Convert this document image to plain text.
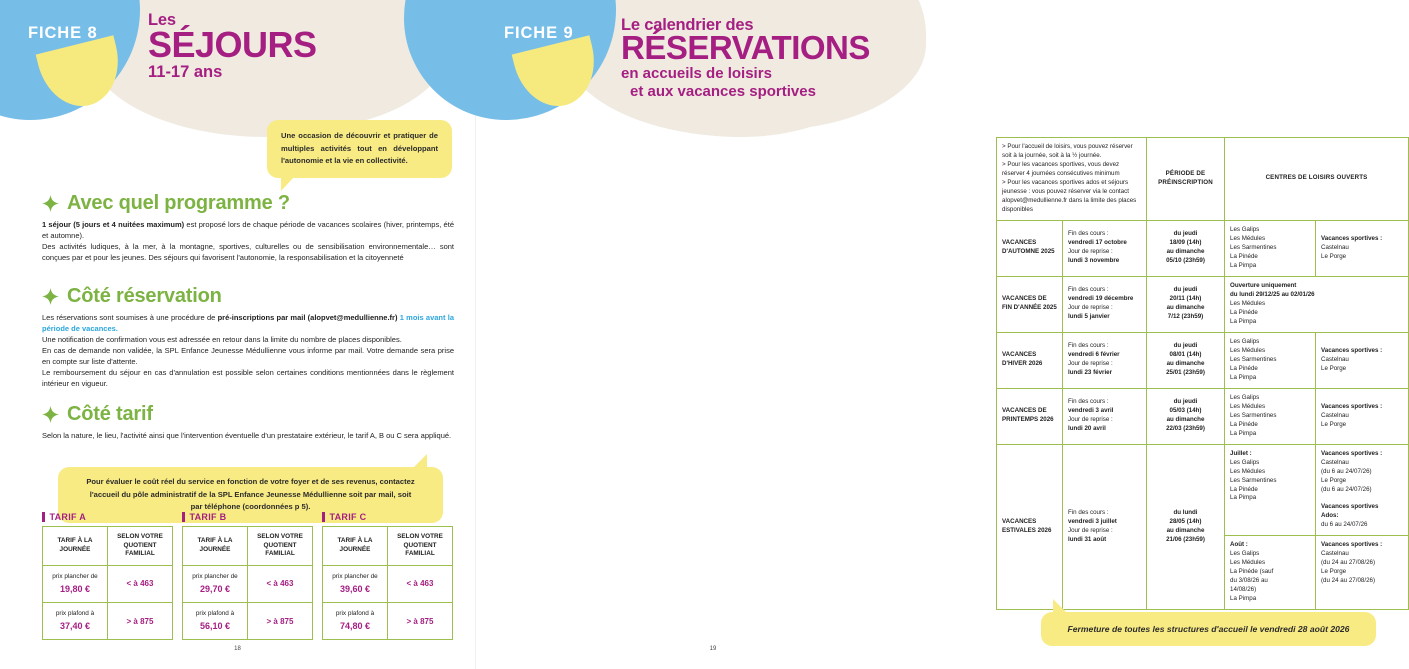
FICHE 8
Les
SÉJOURS
11-17 ans
Une occasion de découvrir et pratiquer de multiples activités tout en développant l'autonomie et la vie en collectivité.
Avec quel programme ?

1 séjour (5 jours et 4 nuitées maximum) est proposé lors de chaque période de vacances scolaires (hiver, printemps, été et automne).

Des activités ludiques, à la mer, à la montagne, sportives, culturelles ou de sensibilisation environnementale… sont conçues par et pour les jeunes. Des séjours qui favorisent l'autonomie, la responsabilisation et la citoyenneté

Côté réservation

Les réservations sont soumises à une procédure de pré-inscriptions par mail (alopvet@medullienne.fr) 1 mois avant la période de vacances.

Une notification de confirmation vous est adressée en retour dans la limite du nombre de places disponibles.

En cas de demande non validée, la SPL Enfance Jeunesse Médullienne vous informe par mail. Votre demande sera prise en compte sur liste d'attente.

Le remboursement du séjour en cas d'annulation est possible selon certaines conditions mentionnées dans le règlement intérieur en vigueur.

Côté tarif

Selon la nature, le lieu, l'activité ainsi que l'intervention éventuelle d'un prestataire extérieur, le tarif A, B ou C sera appliqué.

Pour évaluer le coût réel du service en fonction de votre foyer et de ses revenus, contactez l'accueil du pôle administratif de la SPL Enfance Jeunesse Médullienne soit par mail, soit par téléphone (coordonnées p 5).
TARIF A
TARIF À LA JOURNÉE	SELON VOTRE QUOTIENT FAMILIAL
prix plancher de
19,80 €	< à 463
prix plafond à
37,40 €	> à 875
TARIF B
TARIF À LA JOURNÉE	SELON VOTRE QUOTIENT FAMILIAL
prix plancher de
29,70 €	< à 463
prix plafond à
56,10 €	> à 875
TARIF C
TARIF À LA JOURNÉE	SELON VOTRE QUOTIENT FAMILIAL
prix plancher de
39,60 €	< à 463
prix plafond à
74,80 €	> à 875
18
FICHE 9	Le calendrier des
RÉSERVATIONS
en accueils de loisirs
et aux vacances sportives
> Pour l'accueil de loisirs, vous pouvez réserver soit à la journée, soit à la ½ journée.
> Pour les vacances sportives, vous devez réserver 4 journées consécutives minimum
> Pour les vacances sportives ados et séjours jeunesse : vous pouvez réserver via le contact alopvet@medullienne.fr dans la limite des places disponibles		PÉRIODE DE PRÉINSCRIPTION	CENTRES DE LOISIRS OUVERTS	
VACANCES D'AUTOMNE 2025	Fin des cours :
vendredi 17 octobre
Jour de reprise :
lundi 3 novembre	du jeudi
18/09 (14h)
au dimanche
05/10 (23h59)	Les Galips
Les Médules
Les Sarmentines
La Pinéde
La Pimpa	Vacances sportives :
Castelnau
Le Porge
VACANCES DE FIN D'ANNÉE 2025	Fin des cours :
vendredi 19 décembre
Jour de reprise :
lundi 5 janvier	du jeudi
20/11 (14h)
au dimanche
7/12 (23h59)	Ouverture uniquement
du lundi 29/12/25 au 02/01/26
Les Médules
La Pinéde
La Pimpa	
VACANCES D'HIVER 2026	Fin des cours :
vendredi 6 février
Jour de reprise :
lundi 23 février	du jeudi
08/01 (14h)
au dimanche
25/01 (23h59)	Les Galips
Les Médules
Les Sarmentines
La Pinéde
La Pimpa	Vacances sportives :
Castelnau
Le Porge
VACANCES DE PRINTEMPS 2026	Fin des cours :
vendredi 3 avril
Jour de reprise :
lundi 20 avril	du jeudi
05/03 (14h)
au dimanche
22/03 (23h59)	Les Galips
Les Médules
Les Sarmentines
La Pinéde
La Pimpa	Vacances sportives :
Castelnau
Le Porge
VACANCES ESTIVALES 2026	Fin des cours :
vendredi 3 juillet
Jour de reprise :
lundi 31 août	du lundi
28/05 (14h)
au dimanche
21/06 (23h59)	Juillet :
Les Galips
Les Médules
Les Sarmentines
La Pinéde
La Pimpa	Vacances sportives :
Castelnau
(du 6 au 24/07/26)
Le Porge
(du 6 au 24/07/26)

Vacances sportives
Ados:
du 6 au 24/07/26
Août :
Les Galips
Les Médules
La Pinéde (sauf
du 3/08/26 au
14/08/26)
La Pimpa	Vacances sportives :
Castelnau
(du 24 au 27/08/26)
Le Porge
(du 24 au 27/08/26)
Fermeture de toutes les structures d'accueil le vendredi 28 août 2026
19
